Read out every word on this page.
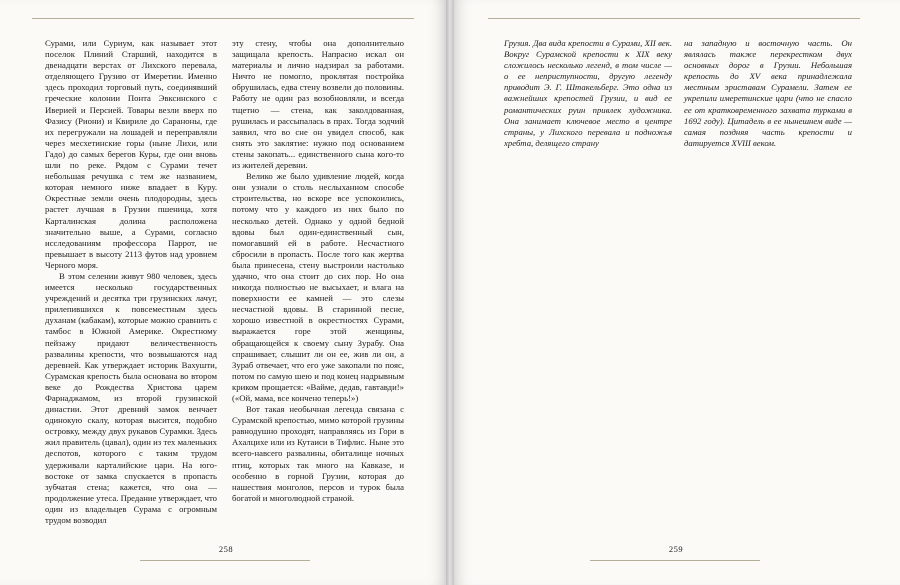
Сурами, или Суриум, как называет этот поселок Плиний Старший, находится в двенадцати верстах от Лихского перевала, отделяющего Грузию от Имеретии. Именно здесь проходил торговый путь, соединявший греческие колонии Понта Эвксинского с Иверией и Персией. Товары везли вверх по Фазису (Риони) и Квириле до Сараноны, где их перегружали на лошадей и переправляли через месхетинские горы (ныне Лихи, или Гадо) до самых берегов Куры, где они вновь шли по реке. Рядом с Сурами течет небольшая речушка с тем же названием, которая немного ниже впадает в Куру. Окрестные земли очень плодородны, здесь растет лучшая в Грузии пшеница, хотя Карталинская долина расположена значительно выше, а Сурами, согласно исследованиям профессора Паррот, не превышает в высоту 2113 футов над уровнем Черного моря.

В этом селении живут 980 человек, здесь имеется несколько государственных учреждений и десятка три грузинских лачуг, прилепившихся к повсеместным здесь духанам (кабакам), которые можно сравнить с тамбос в Южной Америке. Окрестному пейзажу придают величественность развалины крепости, что возвышаются над деревней. Как утверждает историк Вахушти, Сурамская крепость была основана во втором веке до Рождества Христова царем Фарнаджамом, из второй грузинской династии. Этот древний замок венчает одинокую скалу, которая высится, подобно островку, между двух рукавов Сурамки. Здесь жил правитель (цавал), один из тех маленьких деспотов, которого с таким трудом удерживали карталийские цари. На юго-востоке от замка спускается в пропасть зубчатая стена; кажется, что она — продолжение утеса. Предание утверждает, что один из владельцев Сурама с огромным трудом возводил

эту стену, чтобы она дополнительно защищала крепость. Напрасно искал он материалы и лично надзирал за работами. Ничто не помогло, проклятая постройка обрушилась, едва стену возвели до половины. Работу не один раз возобновляли, и всегда тщетно — стена, как заколдованная, рушилась и рассыпалась в прах. Тогда зодчий заявил, что во сне он увидел способ, как снять это заклятие: нужно под основанием стены закопать... единственного сына кого-то из жителей деревни.

Велико же было удивление людей, когда они узнали о столь неслыханном способе строительства, но вскоре все успокоились, потому что у каждого из них было по несколько детей. Однако у одной бедной вдовы был один-единственный сын, помогавший ей в работе. Несчастного сбросили в пропасть. После того как жертва была принесена, стену выстроили настолько удачно, что она стоит до сих пор. Но она никогда полностью не высыхает, и влага на поверхности ее камней — это слезы несчастной вдовы. В старинной песне, хорошо известной в окрестностях Сурами, выражается горе этой женщины, обращающейся к своему сыну Зурабу. Она спрашивает, слышит ли он ее, жив ли он, а Зураб отвечает, что его уже закопали по пояс, потом по самую шею и под конец надрывным криком прощается: «Вайме, дедав, гавтавди!» («Ой, мама, все кончено теперь!»)

Вот такая необычная легенда связана с Сурамской крепостью, мимо которой грузины равнодушно проходят, направляясь из Гори в Ахалцихе или из Кутаиси в Тифлис. Ныне это всего-навсего развалины, обиталище ночных птиц, которых так много на Кавказе, и особенно в горной Грузии, которая до нашествия монголов, персов и турок была богатой и многолюдной страной.

Грузия. Два вида крепости в Сурами, XII век. Вокруг Сурамской крепости к XIX веку сложилось несколько легенд, в том числе — о ее неприступности, другую легенду приводит Э. Г. Штакельберг. Это одна из важнейших крепостей Грузии, и вид ее романтических руин привлек художника. Она занимает ключевое место в центре страны, у Лихского перевала и подножья хребта, делящего страну

на западную и восточную часть. Он являлась также перекрестком двух основных дорог в Грузии. Небольшая крепость до XV века принадлежала местным эриставам Сурамели. Затем ее укрепили имеретинские цари (что не спасло ее от кратковременного захвата турками в 1692 году). Цитадель в ее нынешнем виде — самая поздняя часть крепости и датируется XVIII веком.

258	259
